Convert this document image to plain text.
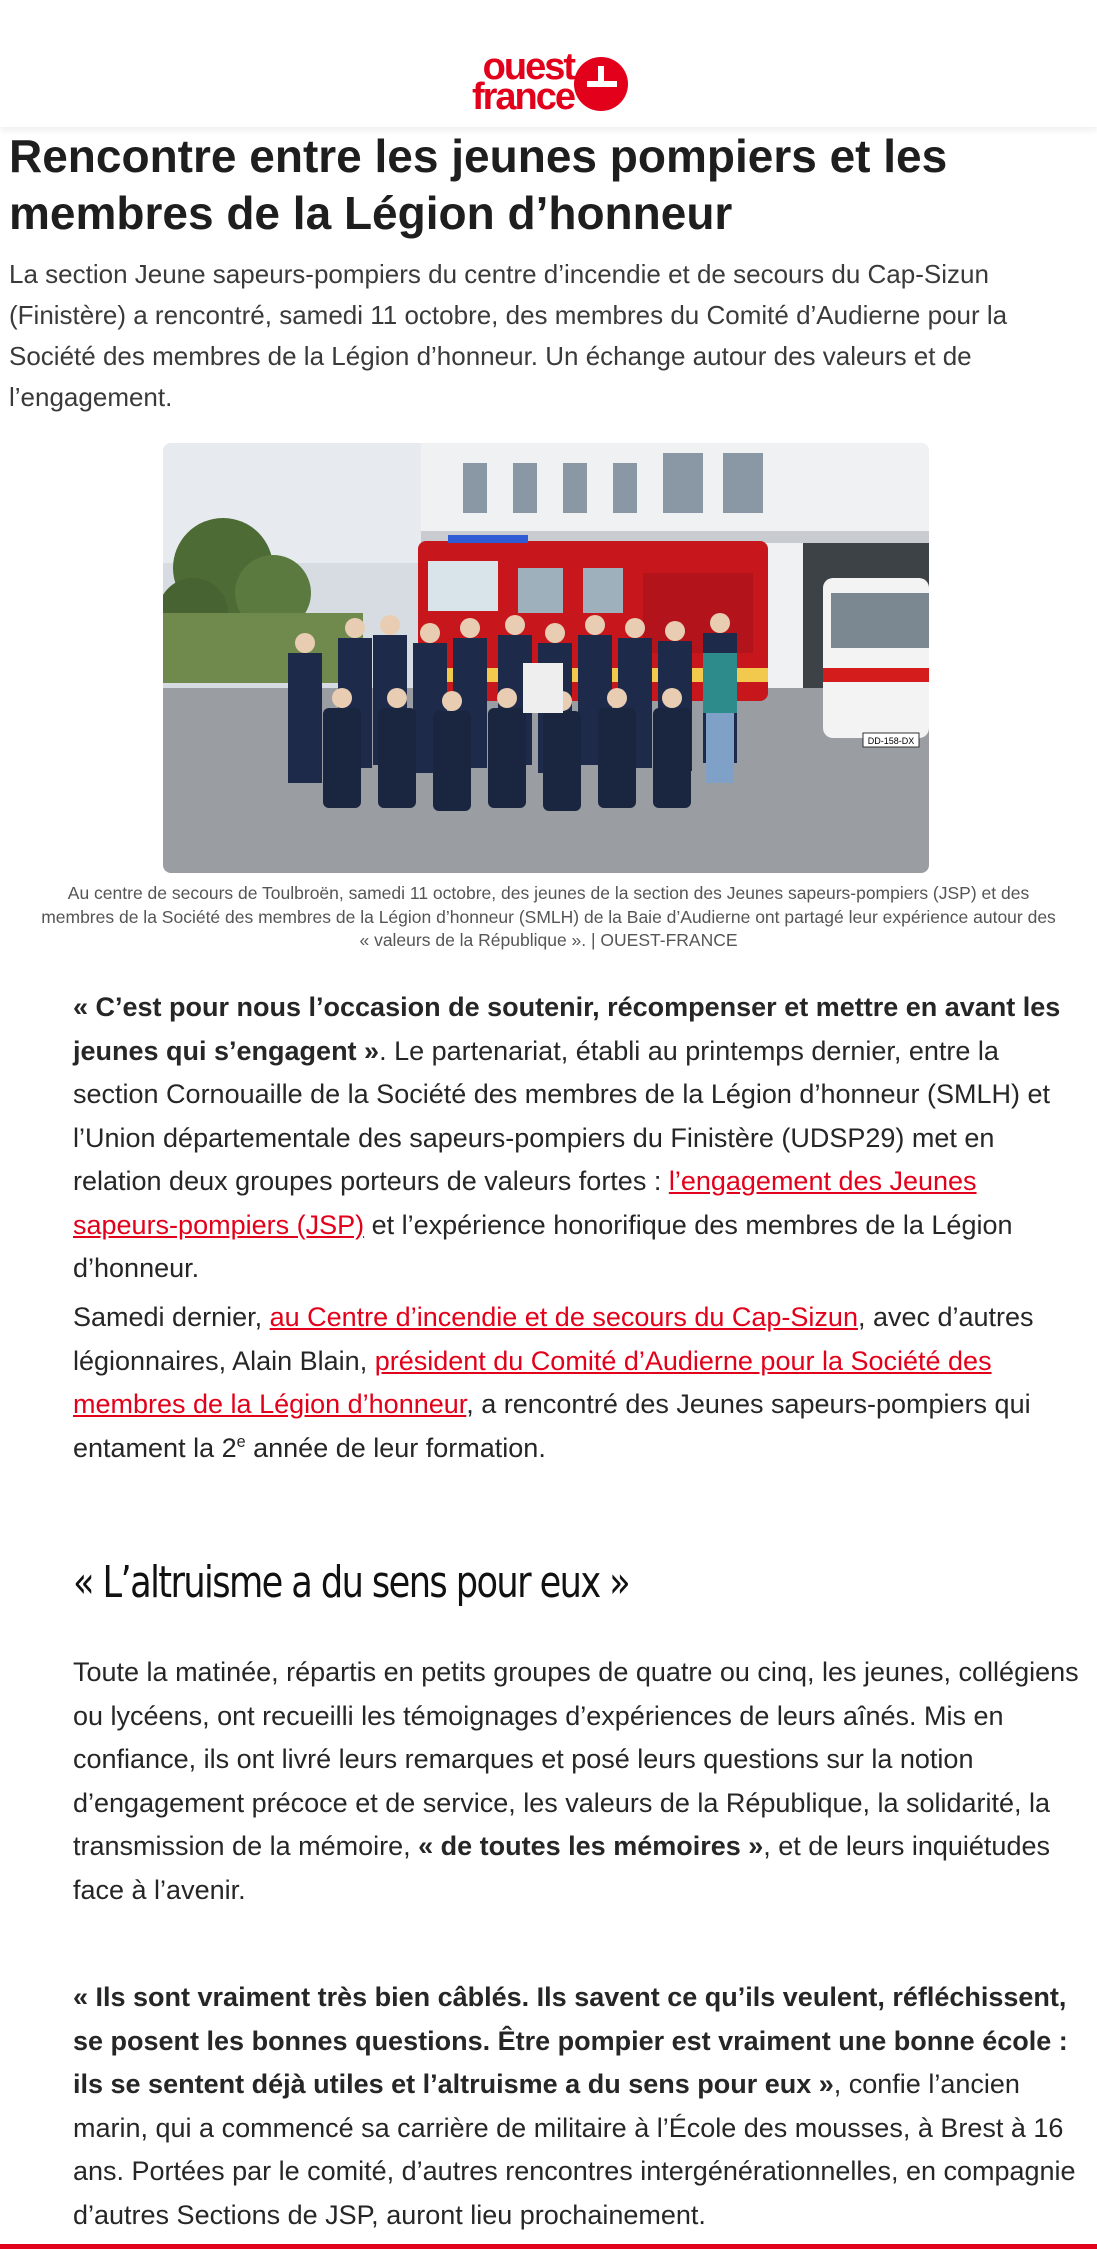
ouest
france
Rencontre entre les jeunes pompiers et les membres de la Légion d’honneur

La section Jeune sapeurs-pompiers du centre d’incendie et de secours du Cap-Sizun (Finistère) a rencontré, samedi 11 octobre, des membres du Comité d’Audierne pour la Société des membres de la Légion d’honneur. Un échange autour des valeurs et de l’engagement.

DD-158-DX

Au centre de secours de Toulbroën, samedi 11 octobre, des jeunes de la section des Jeunes sapeurs-pompiers (JSP) et des membres de la Société des membres de la Légion d’honneur (SMLH) de la Baie d’Audierne ont partagé leur expérience autour des « valeurs de la République ». | OUEST-FRANCE

« C’est pour nous l’occasion de soutenir, récompenser et mettre en avant les jeunes qui s’engagent ». Le partenariat, établi au printemps dernier, entre la section Cornouaille de la Société des membres de la Légion d’honneur (SMLH) et l’Union départementale des sapeurs-pompiers du Finistère (UDSP29) met en relation deux groupes porteurs de valeurs fortes : l’engagement des Jeunes sapeurs-pompiers (JSP) et l’expérience honorifique des membres de la Légion d’honneur.

Samedi dernier, au Centre d’incendie et de secours du Cap-Sizun, avec d’autres légionnaires, Alain Blain, président du Comité d’Audierne pour la Société des membres de la Légion d’honneur, a rencontré des Jeunes sapeurs-pompiers qui entament la 2e année de leur formation.

« L’altruisme a du sens pour eux »

Toute la matinée, répartis en petits groupes de quatre ou cinq, les jeunes, collégiens ou lycéens, ont recueilli les témoignages d’expériences de leurs aînés. Mis en confiance, ils ont livré leurs remarques et posé leurs questions sur la notion d’engagement précoce et de service, les valeurs de la République, la solidarité, la transmission de la mémoire, « de toutes les mémoires », et de leurs inquiétudes face à l’avenir.

« Ils sont vraiment très bien câblés. Ils savent ce qu’ils veulent, réfléchissent, se posent les bonnes questions. Être pompier est vraiment une bonne école : ils se sentent déjà utiles et l’altruisme a du sens pour eux », confie l’ancien marin, qui a commencé sa carrière de militaire à l’École des mousses, à Brest à 16 ans. Portées par le comité, d’autres rencontres intergénérationnelles, en compagnie d’autres Sections de JSP, auront lieu prochainement.
